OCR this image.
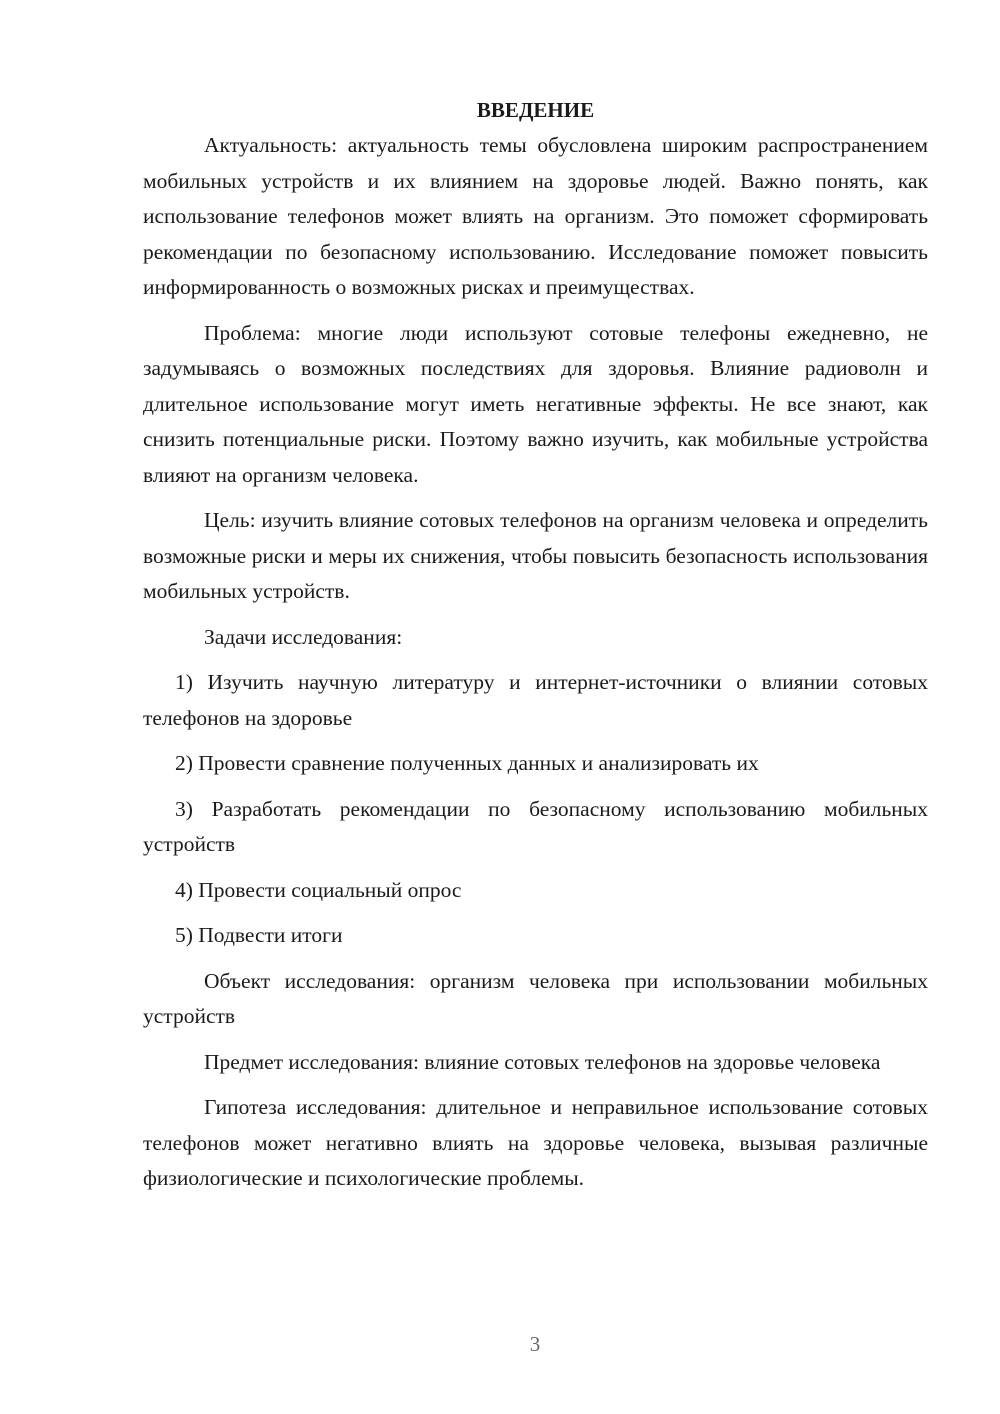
ВВЕДЕНИЕ

Актуальность: актуальность темы обусловлена широким распространением мобильных устройств и их влиянием на здоровье людей. Важно понять, как использование телефонов может влиять на организм. Это поможет сформировать рекомендации по безопасному использованию. Исследование поможет повысить информированность о возможных рисках и преимуществах.

Проблема: многие люди используют сотовые телефоны ежедневно, не задумываясь о возможных последствиях для здоровья. Влияние радиоволн и длительное использование могут иметь негативные эффекты. Не все знают, как снизить потенциальные риски. Поэтому важно изучить, как мобильные устройства влияют на организм человека.

Цель: изучить влияние сотовых телефонов на организм человека и определить возможные риски и меры их снижения, чтобы повысить безопасность использования мобильных устройств.

Задачи исследования:

1) Изучить научную литературу и интернет-источники о влиянии сотовых телефонов на здоровье

2) Провести сравнение полученных данных и анализировать их

3) Разработать рекомендации по безопасному использованию мобильных устройств

4) Провести социальный опрос

5) Подвести итоги

Объект исследования: организм человека при использовании мобильных устройств

Предмет исследования: влияние сотовых телефонов на здоровье человека

Гипотеза исследования: длительное и неправильное использование сотовых телефонов может негативно влиять на здоровье человека, вызывая различные физиологические и психологические проблемы.

3
